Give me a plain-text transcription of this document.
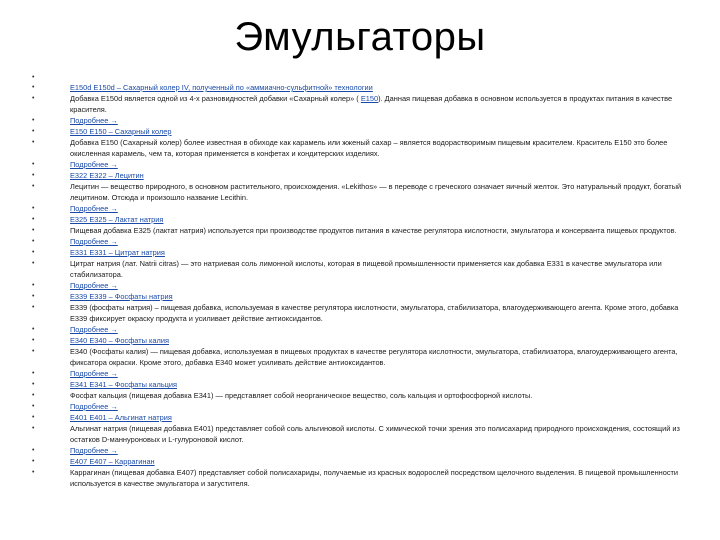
Эмульгаторы
•
•	E150d E150d – Сахарный колер IV, полученный по «аммиачно-сульфитной» технологии
•	Добавка E150d является одной из 4-х разновидностей добавки «Сахарный колер» ( E150). Данная пищевая добавка в основном используется в продуктах питания в качестве красителя.
•	Подробнее →
•	E150 E150 – Сахарный колер
•	Добавка E150 (Сахарный колер) более известная в обиходе как карамель или жженый сахар – является водорастворимым пищевым красителем. Краситель E150 это более окисленная карамель, чем та, которая применяется в конфетах и кондитерских изделиях.
•	Подробнее →
•	E322 E322 – Лецитин
•	Лецитин — вещество природного, в основном растительного, происхождения. «Lekithos» — в переводе с греческого означает яичный желток. Это натуральный продукт, богатый лецитином. Отсюда и произошло название Lecithin.
•	Подробнее →
•	E325 E325 – Лактат натрия
•	Пищевая добавка E325 (лактат натрия) используется при производстве продуктов питания в качестве регулятора кислотности, эмульгатора и консерванта пищевых продуктов.
•	Подробнее →
•	E331 E331 – Цитрат натрия
•	Цитрат натрия (лат. Natrii citras) — это натриевая соль лимонной кислоты, которая в пищевой промышленности применяется как добавка E331 в качестве эмульгатора или стабилизатора.
•	Подробнее →
•	E339 E339 – Фосфаты натрия
•	E339 (фосфаты натрия) – пищевая добавка, используемая в качестве регулятора кислотности, эмульгатора, стабилизатора, влагоудерживающего агента. Кроме этого, добавка E339 фиксирует окраску продукта и усиливает действие антиоксидантов.
•	Подробнее →
•	E340 E340 – Фосфаты калия
•	E340 (Фосфаты калия) — пищевая добавка, используемая в пищевых продуктах в качестве регулятора кислотности, эмульгатора, стабилизатора, влагоудерживающего агента, фиксатора окраски. Кроме этого, добавка E340 может усиливать действие антиоксидантов.
•	Подробнее →
•	E341 E341 – Фосфаты кальция
•	Фосфат кальция (пищевая добавка E341) — представляет собой неорганическое вещество, соль кальция и ортофосфорной кислоты.
•	Подробнее →
•	E401 E401 – Альгинат натрия
•	Альгинат натрия (пищевая добавка E401) представляет собой соль альгиновой кислоты. С химической точки зрения это полисахарид природного происхождения, состоящий из остатков D-маннуроновых и L-гулуроновой кислот.
•	Подробнее →
•	E407 E407 – Каррагинан
•	Каррагинан (пищевая добавка E407) представляет собой полисахариды, получаемые из красных водорослей посредством щелочного выделения. В пищевой промышленности используется в качестве эмульгатора и загустителя.
